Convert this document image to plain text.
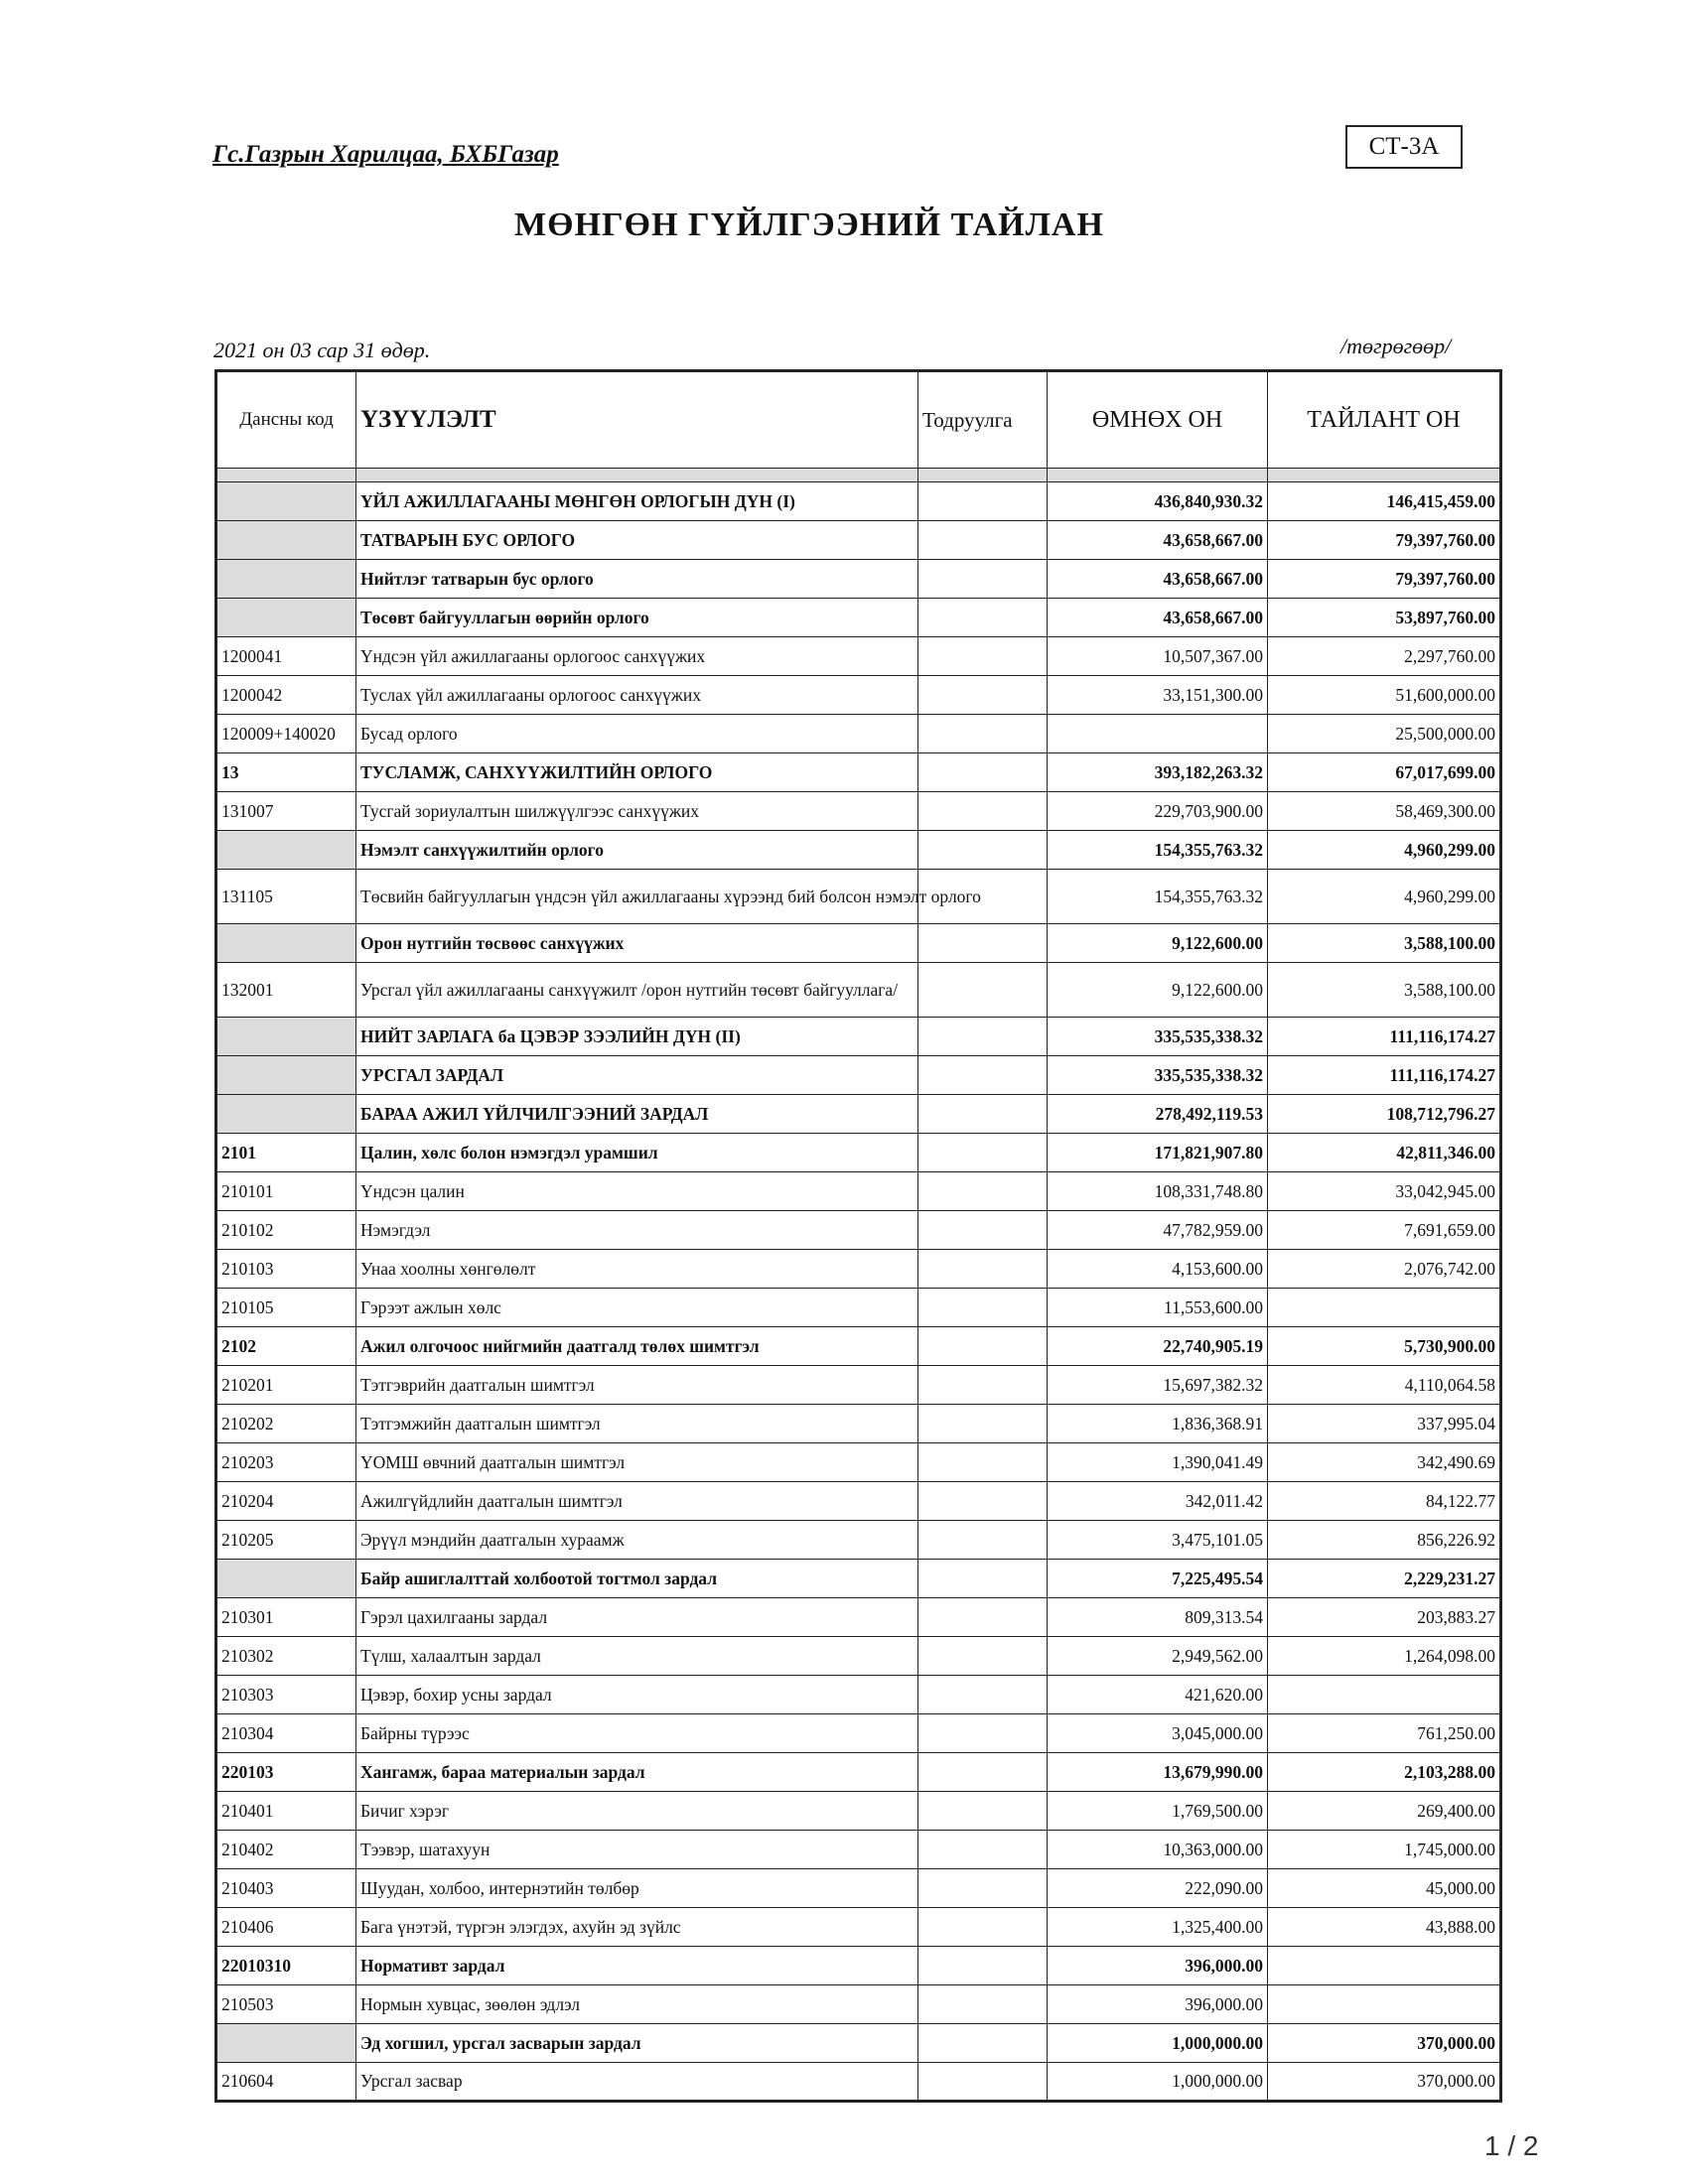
Гс.Газрын Харилцаа, БХБГазар	СТ-3А
МӨНГӨН ГҮЙЛГЭЭНИЙ ТАЙЛАН
2021 он 03 сар 31 өдөр.	/төгрөгөөр/
Дансны код	ҮЗҮҮЛЭЛТ	Тодруулга	ӨМНӨХ ОН	ТАЙЛАНТ ОН

	ҮЙЛ АЖИЛЛАГААНЫ МӨНГӨН ОРЛОГЫН ДҮН (I)		436,840,930.32	146,415,459.00
	ТАТВАРЫН БУС ОРЛОГО		43,658,667.00	79,397,760.00
	Нийтлэг татварын бус орлого		43,658,667.00	79,397,760.00
	Төсөвт байгууллагын өөрийн орлого		43,658,667.00	53,897,760.00
1200041	Үндсэн үйл ажиллагааны орлогоос санхүүжих		10,507,367.00	2,297,760.00
1200042	Туслах үйл ажиллагааны орлогоос санхүүжих		33,151,300.00	51,600,000.00
120009+140020	Бусад орлого			25,500,000.00
13	ТУСЛАМЖ, САНХҮҮЖИЛТИЙН ОРЛОГО		393,182,263.32	67,017,699.00
131007	Тусгай зориулалтын шилжүүлгээс санхүүжих		229,703,900.00	58,469,300.00
	Нэмэлт санхүүжилтийн орлого		154,355,763.32	4,960,299.00
131105	Төсвийн байгууллагын үндсэн үйл ажиллагааны хүрээнд бий болсон нэмэлт орлого		154,355,763.32	4,960,299.00
	Орон нутгийн төсвөөс санхүүжих		9,122,600.00	3,588,100.00
132001	Урсгал үйл ажиллагааны санхүүжилт /орон нутгийн төсөвт байгууллага/		9,122,600.00	3,588,100.00
	НИЙТ ЗАРЛАГА ба ЦЭВЭР ЗЭЭЛИЙН ДҮН (II)		335,535,338.32	111,116,174.27
	УРСГАЛ ЗАРДАЛ		335,535,338.32	111,116,174.27
	БАРАА АЖИЛ ҮЙЛЧИЛГЭЭНИЙ ЗАРДАЛ		278,492,119.53	108,712,796.27
2101	Цалин, хөлс болон нэмэгдэл урамшил		171,821,907.80	42,811,346.00
210101	Үндсэн цалин		108,331,748.80	33,042,945.00
210102	Нэмэгдэл		47,782,959.00	7,691,659.00
210103	Унаа хоолны хөнгөлөлт		4,153,600.00	2,076,742.00
210105	Гэрээт ажлын хөлс		11,553,600.00	
2102	Ажил олгочоос нийгмийн даатгалд төлөх шимтгэл		22,740,905.19	5,730,900.00
210201	Тэтгэврийн даатгалын шимтгэл		15,697,382.32	4,110,064.58
210202	Тэтгэмжийн даатгалын шимтгэл		1,836,368.91	337,995.04
210203	ҮОМШ өвчний даатгалын шимтгэл		1,390,041.49	342,490.69
210204	Ажилгүйдлийн даатгалын шимтгэл		342,011.42	84,122.77
210205	Эрүүл мэндийн даатгалын хураамж		3,475,101.05	856,226.92
	Байр ашиглалттай холбоотой тогтмол зардал		7,225,495.54	2,229,231.27
210301	Гэрэл цахилгааны зардал		809,313.54	203,883.27
210302	Түлш, халаалтын зардал		2,949,562.00	1,264,098.00
210303	Цэвэр, бохир усны зардал		421,620.00	
210304	Байрны түрээс		3,045,000.00	761,250.00
220103	Хангамж, бараа материалын зардал		13,679,990.00	2,103,288.00
210401	Бичиг хэрэг		1,769,500.00	269,400.00
210402	Тээвэр, шатахуун		10,363,000.00	1,745,000.00
210403	Шуудан, холбоо, интернэтийн төлбөр		222,090.00	45,000.00
210406	Бага үнэтэй, түргэн элэгдэх, ахуйн эд зүйлс		1,325,400.00	43,888.00
22010310	Нормативт зардал		396,000.00	
210503	Нормын хувцас, зөөлөн эдлэл		396,000.00	
	Эд хогшил, урсгал засварын зардал		1,000,000.00	370,000.00
210604	Урсгал засвар		1,000,000.00	370,000.00
1 / 2
